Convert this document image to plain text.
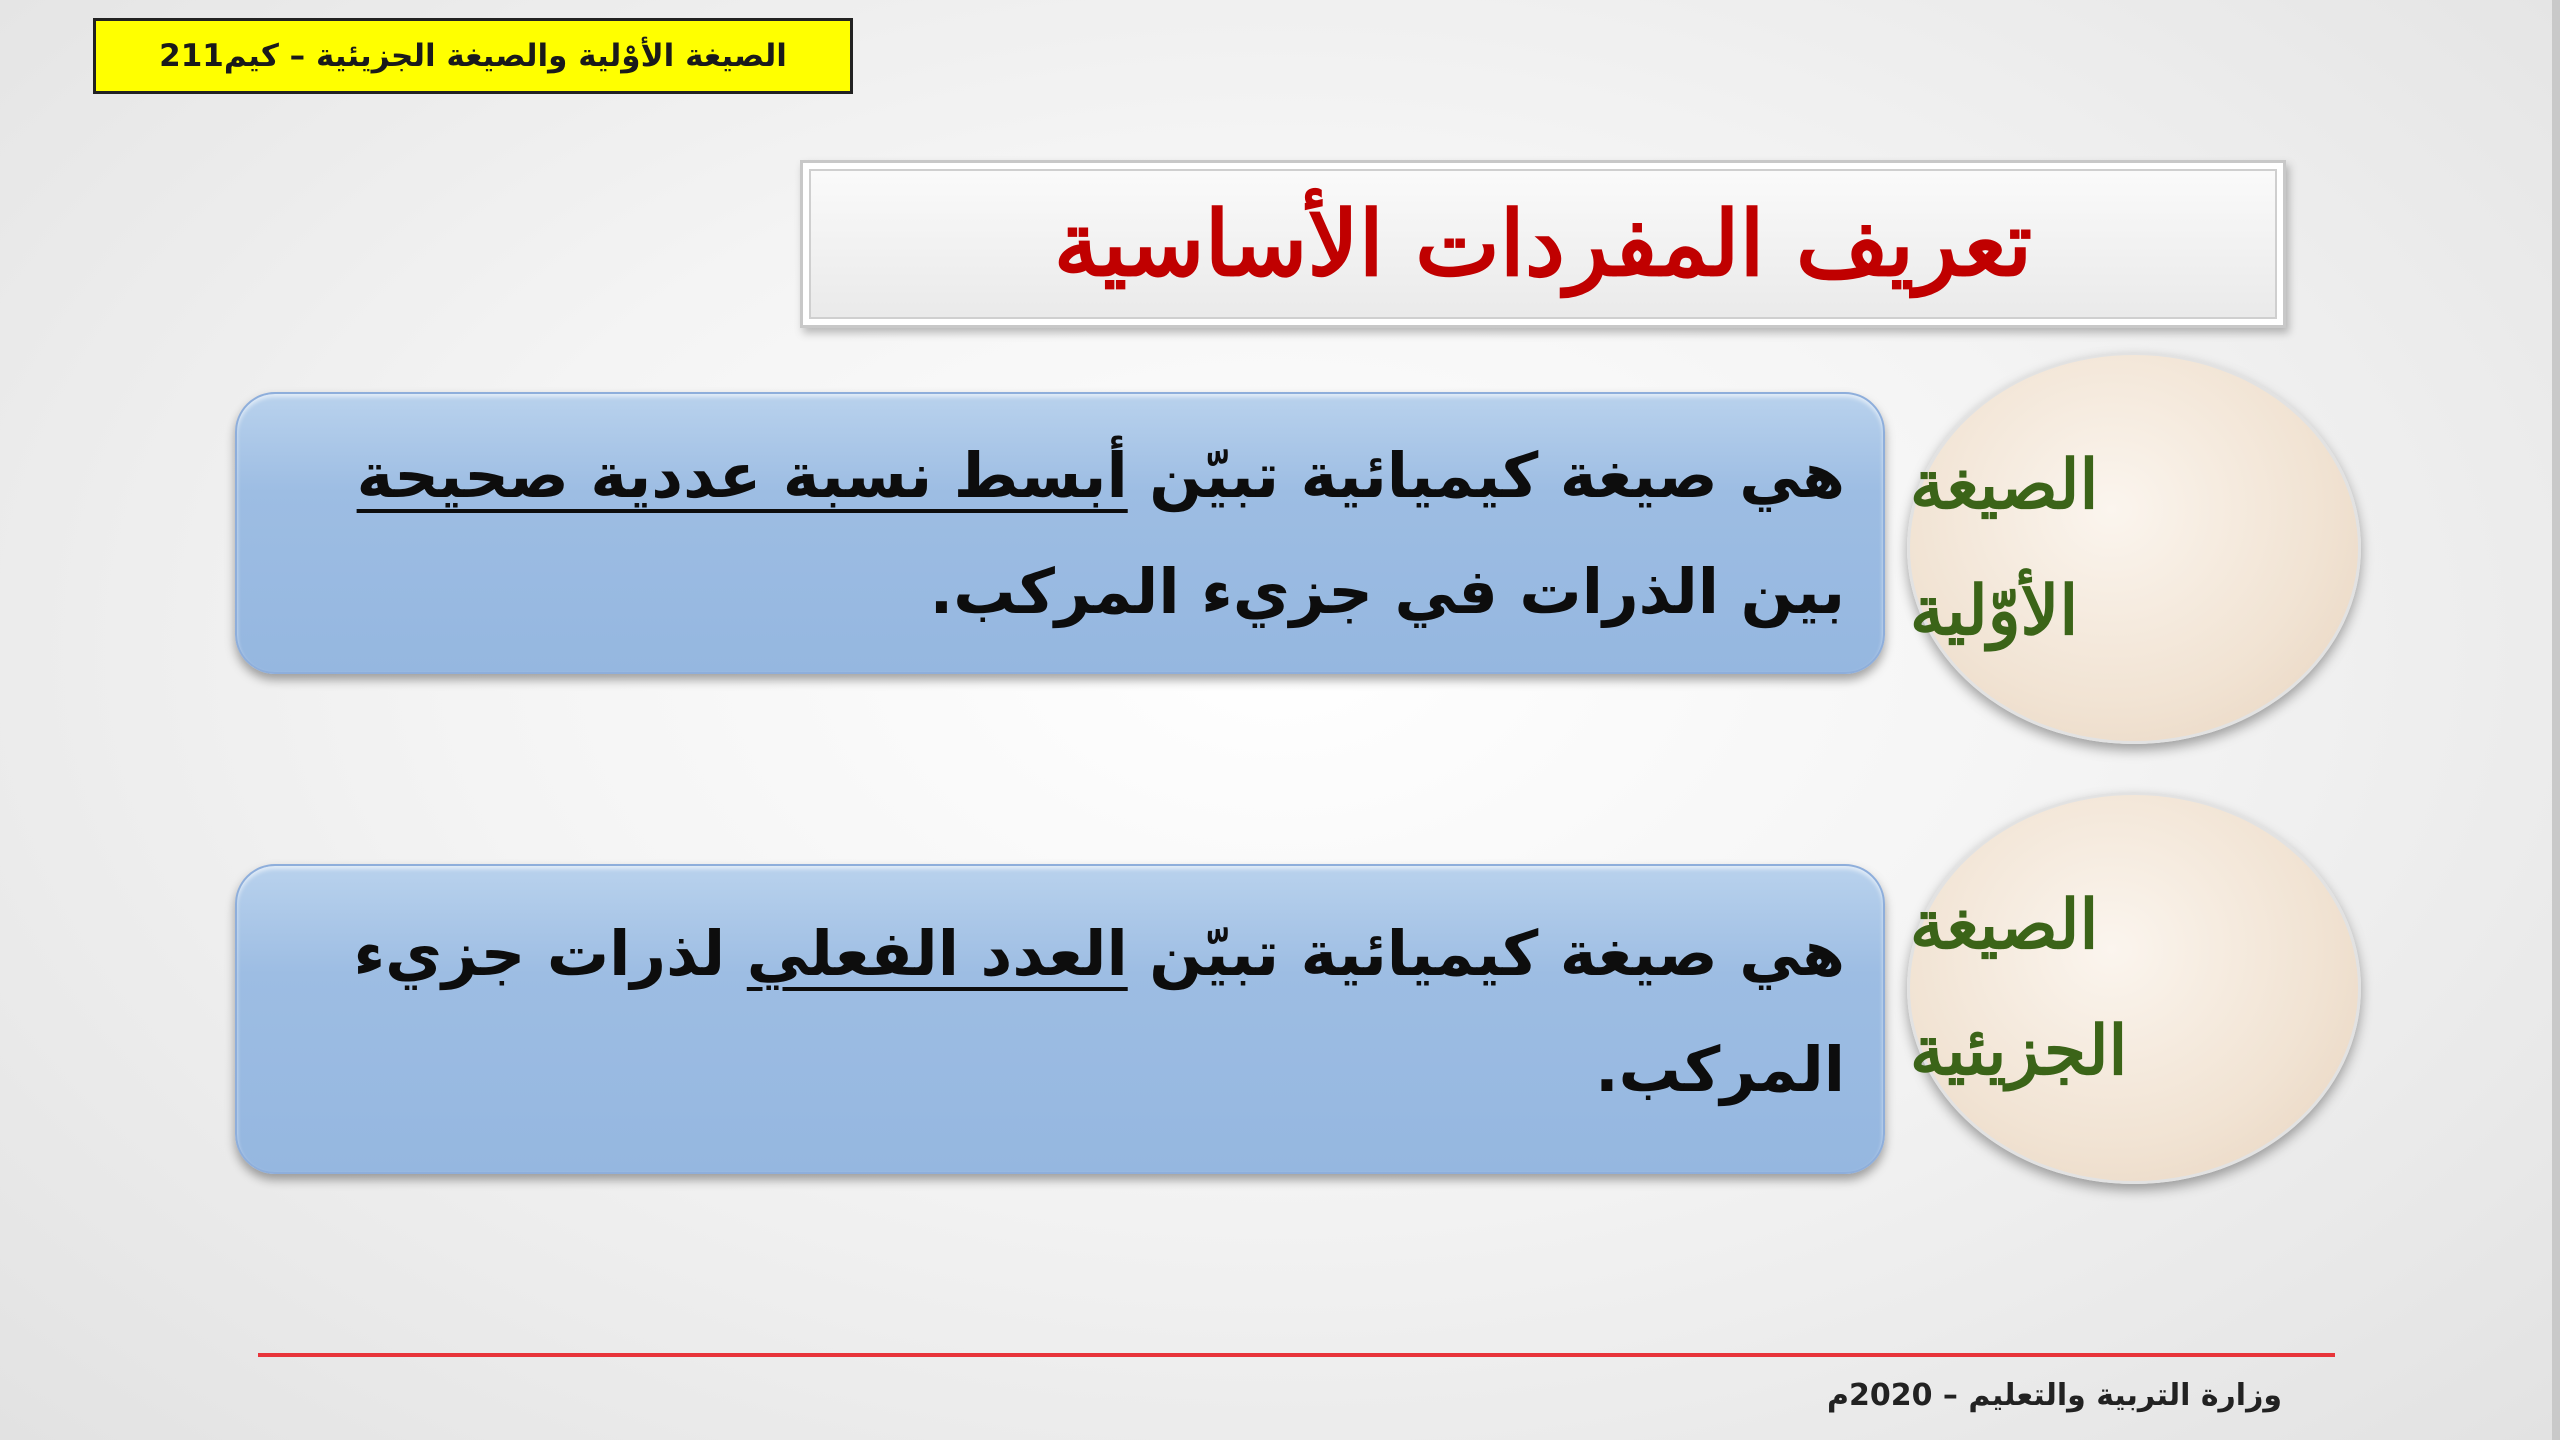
الصيغة الأوْلية والصيغة الجزيئية – كيم211
تعريف المفردات الأساسية
الصيغة
الأوّلية
هي صيغة كيميائية تبيّن أبسط نسبة عددية صحيحة بين الذرات في جزيء المركب.
الصيغة
الجزيئية
هي صيغة كيميائية تبيّن العدد الفعلي لذرات جزيء المركب.
وزارة التربية والتعليم – 2020م
